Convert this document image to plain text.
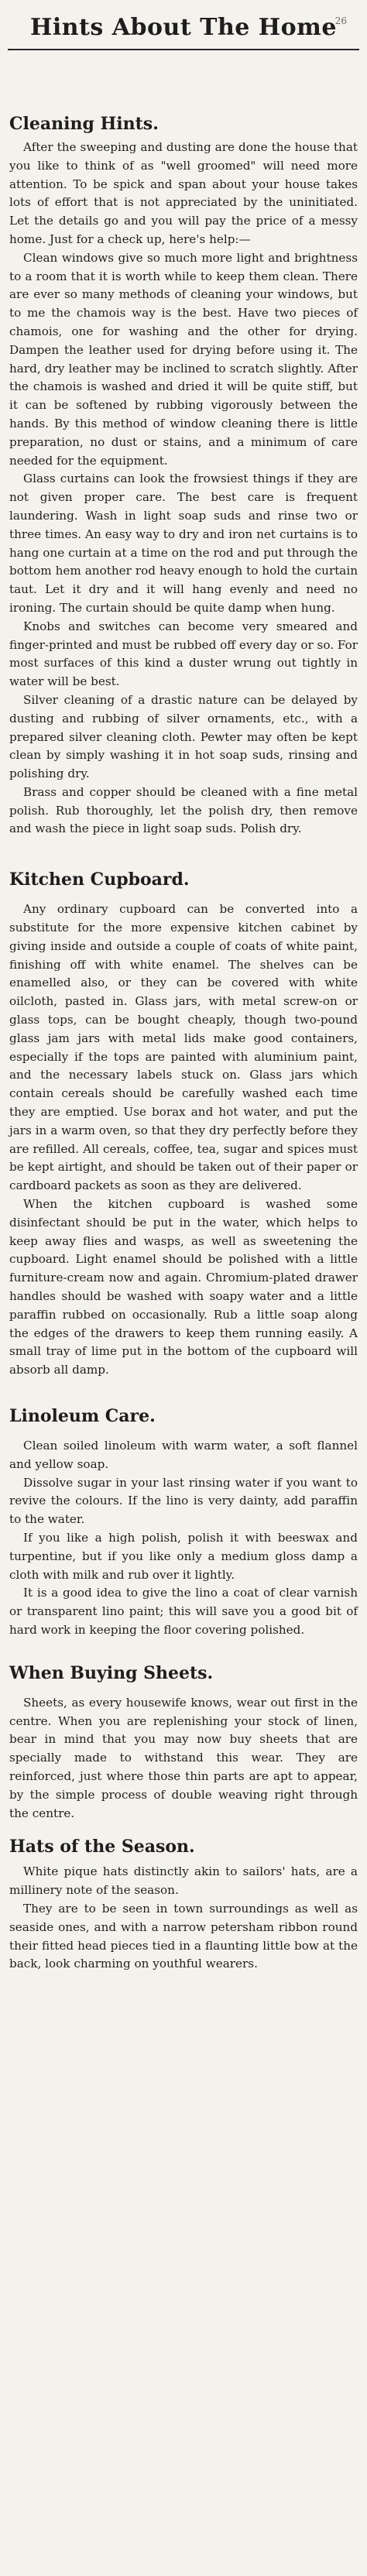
26
Hints About The Home
Cleaning Hints.

After the sweeping and dusting are done the house that you like to think of as "well groomed" will need more attention. To be spick and span about your house takes lots of effort that is not appreciated by the uninitiated. Let the details go and you will pay the price of a messy home. Just for a check up, here's help:—

Clean windows give so much more light and brightness to a room that it is worth while to keep them clean. There are ever so many methods of cleaning your windows, but to me the chamois way is the best. Have two pieces of chamois, one for washing and the other for drying. Dampen the leather used for drying before using it. The hard, dry leather may be inclined to scratch slightly. After the chamois is washed and dried it will be quite stiff, but it can be softened by rubbing vigorously between the hands. By this method of window cleaning there is little preparation, no dust or stains, and a minimum of care needed for the equipment.

Glass curtains can look the frowsiest things if they are not given proper care. The best care is frequent laundering. Wash in light soap suds and rinse two or three times. An easy way to dry and iron net curtains is to hang one curtain at a time on the rod and put through the bottom hem another rod heavy enough to hold the curtain taut. Let it dry and it will hang evenly and need no ironing. The curtain should be quite damp when hung.

Knobs and switches can become very smeared and finger-printed and must be rubbed off every day or so. For most surfaces of this kind a duster wrung out tightly in water will be best.

Silver cleaning of a drastic nature can be delayed by dusting and rubbing of silver ornaments, etc., with a prepared silver cleaning cloth. Pewter may often be kept clean by simply washing it in hot soap suds, rinsing and polishing dry.

Brass and copper should be cleaned with a fine metal polish. Rub thoroughly, let the polish dry, then remove and wash the piece in light soap suds. Polish dry.

Kitchen Cupboard.

Any ordinary cupboard can be converted into a substitute for the more expensive kitchen cabinet by giving inside and outside a couple of coats of white paint, finishing off with white enamel. The shelves can be enamelled also, or they can be covered with white oilcloth, pasted in. Glass jars, with metal screw-on or glass tops, can be bought cheaply, though two-pound glass jam jars with metal lids make good containers, especially if the tops are painted with aluminium paint, and the necessary labels stuck on. Glass jars which contain cereals should be carefully washed each time they are emptied. Use borax and hot water, and put the jars in a warm oven, so that they dry perfectly before they are refilled. All cereals, coffee, tea, sugar and spices must be kept airtight, and should be taken out of their paper or cardboard packets as soon as they are delivered.

When the kitchen cupboard is washed some disinfectant should be put in the water, which helps to keep away flies and wasps, as well as sweetening the cupboard. Light enamel should be polished with a little furniture-cream now and again. Chromium-plated drawer handles should be washed with soapy water and a little paraffin rubbed on occasionally. Rub a little soap along the edges of the drawers to keep them running easily. A small tray of lime put in the bottom of the cupboard will absorb all damp.

Linoleum Care.

Clean soiled linoleum with warm water, a soft flannel and yellow soap.

Dissolve sugar in your last rinsing water if you want to revive the colours. If the lino is very dainty, add paraffin to the water.

If you like a high polish, polish it with beeswax and turpentine, but if you like only a medium gloss damp a cloth with milk and rub over it lightly.

It is a good idea to give the lino a coat of clear varnish or transparent lino paint; this will save you a good bit of hard work in keeping the floor covering polished.

When Buying Sheets.

Sheets, as every housewife knows, wear out first in the centre. When you are replenishing your stock of linen, bear in mind that you may now buy sheets that are specially made to withstand this wear. They are reinforced, just where those thin parts are apt to appear, by the simple process of double weaving right through the centre.

Hats of the Season.

White pique hats distinctly akin to sailors' hats, are a millinery note of the season.

They are to be seen in town surroundings as well as seaside ones, and with a narrow petersham ribbon round their fitted head pieces tied in a flaunting little bow at the back, look charming on youthful wearers.
